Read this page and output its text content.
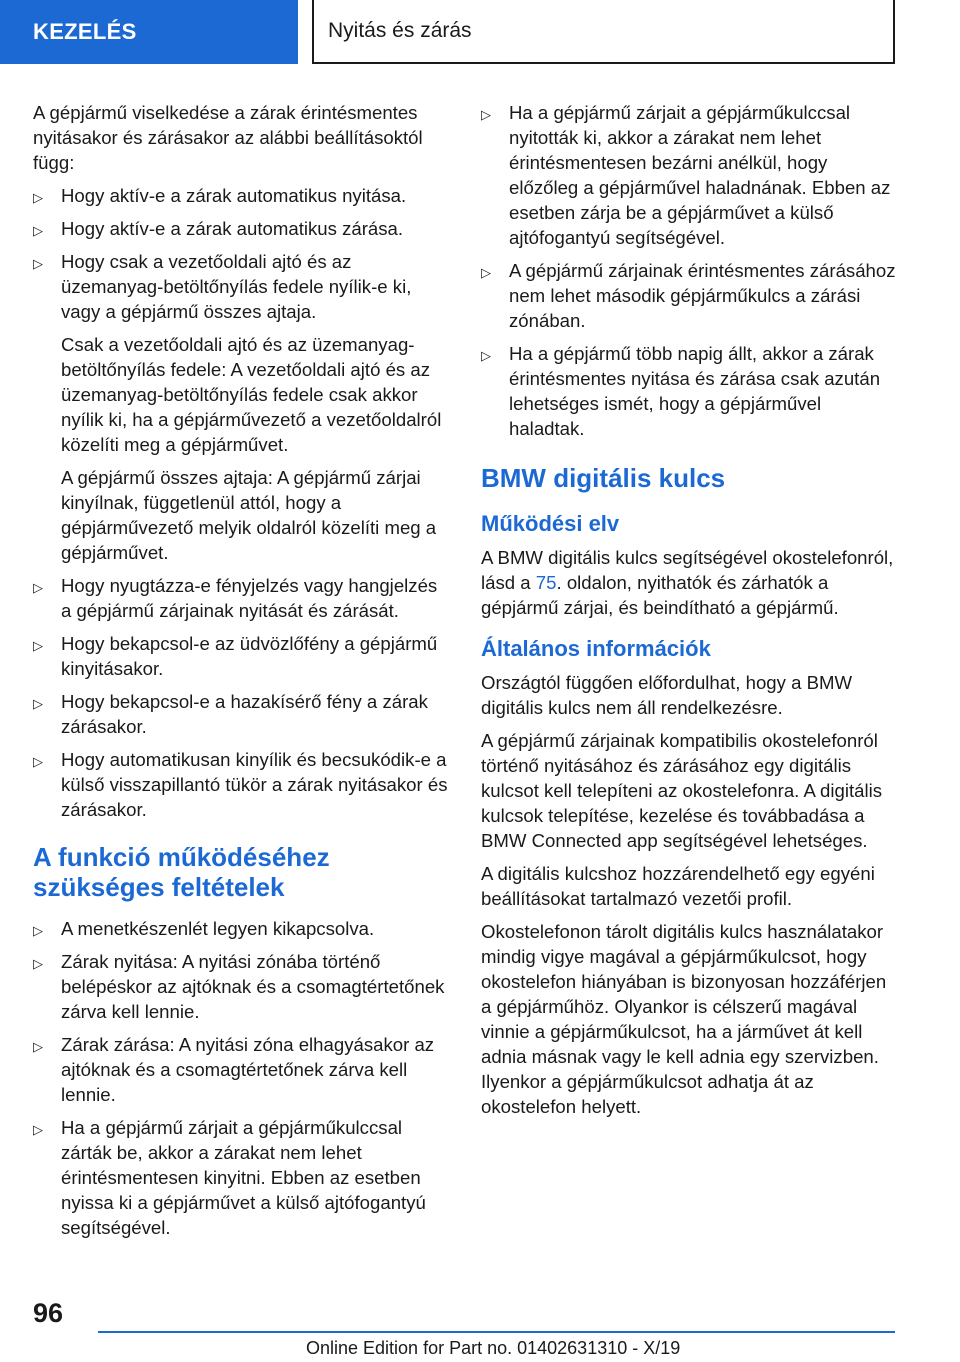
KEZELÉS	Nyitás és zárás

A gépjármű viselkedése a zárak érintésmentes nyitásakor és zárásakor az alábbi beállításoktól függ:

▷ Hogy aktív-e a zárak automatikus nyitása.
▷ Hogy aktív-e a zárak automatikus zárása.
▷ Hogy csak a vezetőoldali ajtó és az üzemanyag-betöltőnyílás fedele nyílik-e ki, vagy a gépjármű összes ajtaja.

Csak a vezetőoldali ajtó és az üzemanyag-betöltőnyílás fedele: A vezetőoldali ajtó és az üzemanyag-betöltőnyílás fedele csak akkor nyílik ki, ha a gépjárművezető a vezetőoldalról közelíti meg a gépjárművet.

A gépjármű összes ajtaja: A gépjármű zárjai kinyílnak, függetlenül attól, hogy a gépjárművezető melyik oldalról közelíti meg a gépjárművet.

▷ Hogy nyugtázza-e fényjelzés vagy hangjelzés a gépjármű zárjainak nyitását és zárását.
▷ Hogy bekapcsol-e az üdvözlőfény a gépjármű kinyitásakor.
▷ Hogy bekapcsol-e a hazakísérő fény a zárak zárásakor.
▷ Hogy automatikusan kinyílik és becsukódik-e a külső visszapillantó tükör a zárak nyitásakor és zárásakor.
A funkció működéséhez szükséges feltételek
▷ A menetkészenlét legyen kikapcsolva.
▷ Zárak nyitása: A nyitási zónába történő belépéskor az ajtóknak és a csomagtértetőnek zárva kell lennie.
▷ Zárak zárása: A nyitási zóna elhagyásakor az ajtóknak és a csomagtértetőnek zárva kell lennie.
▷ Ha a gépjármű zárjait a gépjárműkulccsal zárták be, akkor a zárakat nem lehet érintésmentesen kinyitni. Ebben az esetben nyissa ki a gépjárművet a külső ajtófogantyú segítségével.
▷ Ha a gépjármű zárjait a gépjárműkulccsal nyitották ki, akkor a zárakat nem lehet érintésmentesen bezárni anélkül, hogy előzőleg a gépjárművel haladnának. Ebben az esetben zárja be a gépjárművet a külső ajtófogantyú segítségével.
▷ A gépjármű zárjainak érintésmentes zárásához nem lehet második gépjárműkulcs a zárási zónában.
▷ Ha a gépjármű több napig állt, akkor a zárak érintésmentes nyitása és zárása csak azután lehetséges ismét, hogy a gépjárművel haladtak.
BMW digitális kulcs
Működési elv

A BMW digitális kulcs segítségével okostelefonról, lásd a 75. oldalon, nyithatók és zárhatók a gépjármű zárjai, és beindítható a gépjármű.

Általános információk

Országtól függően előfordulhat, hogy a BMW digitális kulcs nem áll rendelkezésre.

A gépjármű zárjainak kompatibilis okostelefonról történő nyitásához és zárásához egy digitális kulcsot kell telepíteni az okostelefonra. A digitális kulcsok telepítése, kezelése és továbbadása a BMW Connected app segítségével lehetséges.

A digitális kulcshoz hozzárendelhető egy egyéni beállításokat tartalmazó vezetői profil.

Okostelefonon tárolt digitális kulcs használatakor mindig vigye magával a gépjárműkulcsot, hogy okostelefon hiányában is bizonyosan hozzáférjen a gépjárműhöz. Olyankor is célszerű magával vinnie a gépjárműkulcsot, ha a járművet át kell adnia másnak vagy le kell adnia egy szervizben. Ilyenkor a gépjárműkulcsot adhatja át az okostelefon helyett.

96
Online Edition for Part no. 01402631310 - X/19
